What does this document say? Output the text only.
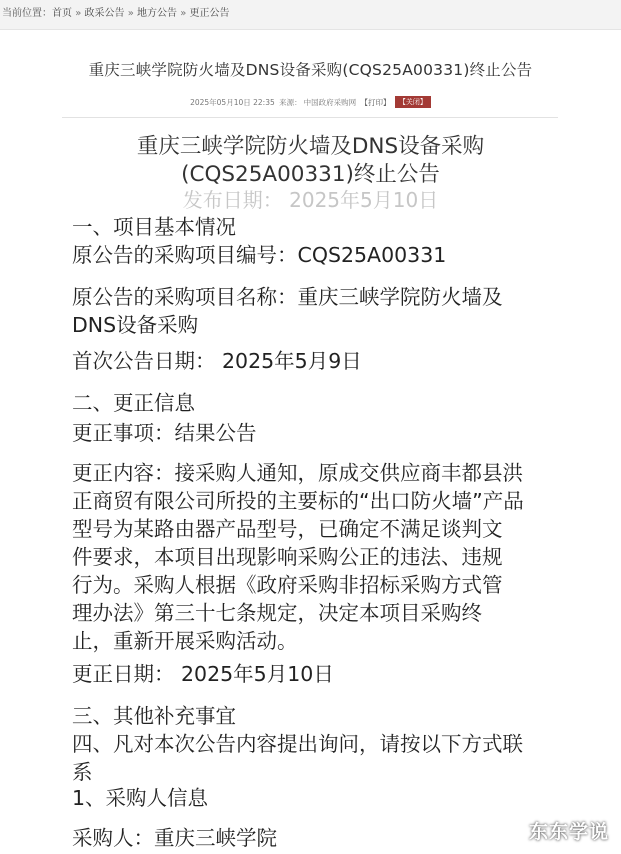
当前位置：首页 » 政采公告 » 地方公告 » 更正公告
重庆三峡学院防火墙及DNS设备采购(CQS25A00331)终止公告
2025年05月10日 22:35 来源： 中国政府采购网 【打印】 【关闭】
重庆三峡学院防火墙及DNS设备采购
(CQS25A00331)终止公告
发布日期： 2025年5月10日
一、项目基本情况
原公告的采购项目编号：CQS25A00331
原公告的采购项目名称：重庆三峡学院防火墙及
DNS设备采购
首次公告日期： 2025年5月9日
二、更正信息
更正事项：结果公告
更正内容：接采购人通知，原成交供应商丰都县洪
正商贸有限公司所投的主要标的“出口防火墙”产品
型号为某路由器产品型号，已确定不满足谈判文
件要求，本项目出现影响采购公正的违法、违规
行为。采购人根据《政府采购非招标采购方式管
理办法》第三十七条规定，决定本项目采购终
止，重新开展采购活动。
更正日期： 2025年5月10日
三、其他补充事宜
四、凡对本次公告内容提出询问，请按以下方式联
系
1、采购人信息
采购人：重庆三峡学院	东东学说
